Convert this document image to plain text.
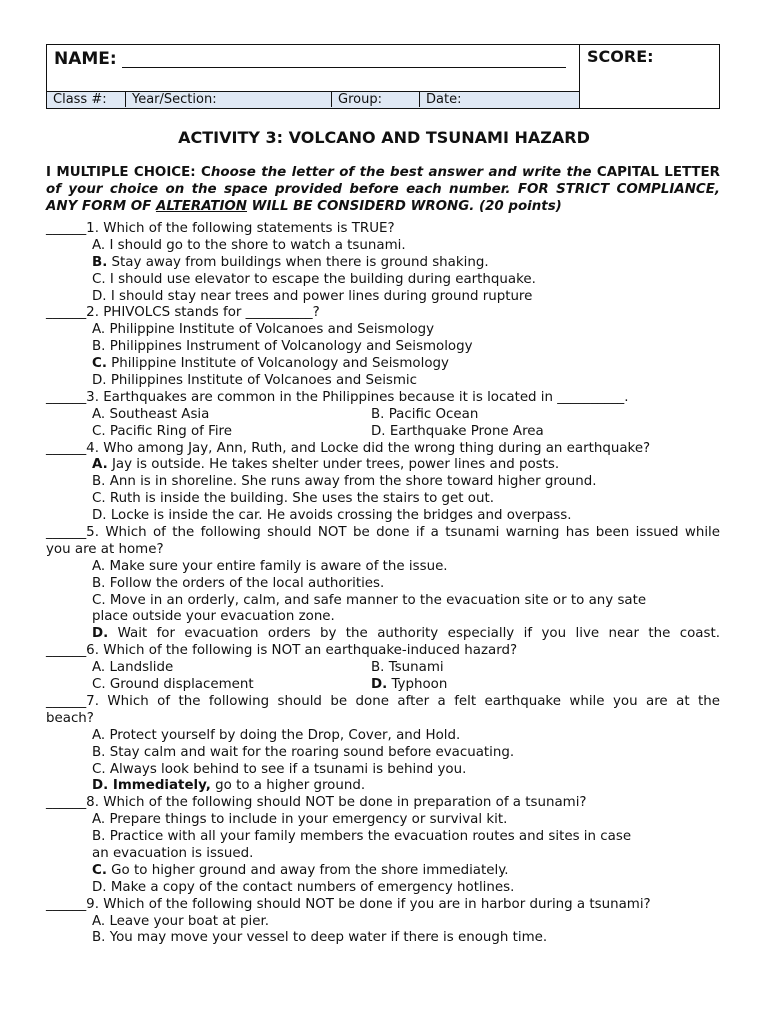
NAME:	SCORE:
Class #:	Year/Section:	Group:	Date:
ACTIVITY 3: VOLCANO AND TSUNAMI HAZARD
I MULTIPLE CHOICE: Choose the letter of the best answer and write the CAPITAL LETTER of your choice on the space provided before each number. FOR STRICT COMPLIANCE, ANY FORM OF ALTERATION WILL BE CONSIDERD WRONG. (20 points)
______1. Which of the following statements is TRUE?
A. I should go to the shore to watch a tsunami.
B. Stay away from buildings when there is ground shaking.
C. I should use elevator to escape the building during earthquake.
D. I should stay near trees and power lines during ground rupture
______2. PHIVOLCS stands for __________?
A. Philippine Institute of Volcanoes and Seismology
B. Philippines Instrument of Volcanology and Seismology
C. Philippine Institute of Volcanology and Seismology
D. Philippines Institute of Volcanoes and Seismic
______3. Earthquakes are common in the Philippines because it is located in __________.
A. Southeast Asia	B. Pacific Ocean
C. Pacific Ring of Fire	D. Earthquake Prone Area
______4. Who among Jay, Ann, Ruth, and Locke did the wrong thing during an earthquake?
A. Jay is outside. He takes shelter under trees, power lines and posts.
B. Ann is in shoreline. She runs away from the shore toward higher ground.
C. Ruth is inside the building. She uses the stairs to get out.
D. Locke is inside the car. He avoids crossing the bridges and overpass.
______5. Which of the following should NOT be done if a tsunami warning has been issued while
you are at home?
A. Make sure your entire family is aware of the issue.
B. Follow the orders of the local authorities.
C. Move in an orderly, calm, and safe manner to the evacuation site or to any sate
place outside your evacuation zone.
D. Wait for evacuation orders by the authority especially if you live near the coast.
______6. Which of the following is NOT an earthquake-induced hazard?
A. Landslide	B. Tsunami
C. Ground displacement	D. Typhoon
______7. Which of the following should be done after a felt earthquake while you are at the
beach?
A. Protect yourself by doing the Drop, Cover, and Hold.
B. Stay calm and wait for the roaring sound before evacuating.
C. Always look behind to see if a tsunami is behind you.
D. Immediately, go to a higher ground.
______8. Which of the following should NOT be done in preparation of a tsunami?
A. Prepare things to include in your emergency or survival kit.
B. Practice with all your family members the evacuation routes and sites in case
an evacuation is issued.
C. Go to higher ground and away from the shore immediately.
D. Make a copy of the contact numbers of emergency hotlines.
______9. Which of the following should NOT be done if you are in harbor during a tsunami?
A. Leave your boat at pier.
B. You may move your vessel to deep water if there is enough time.
